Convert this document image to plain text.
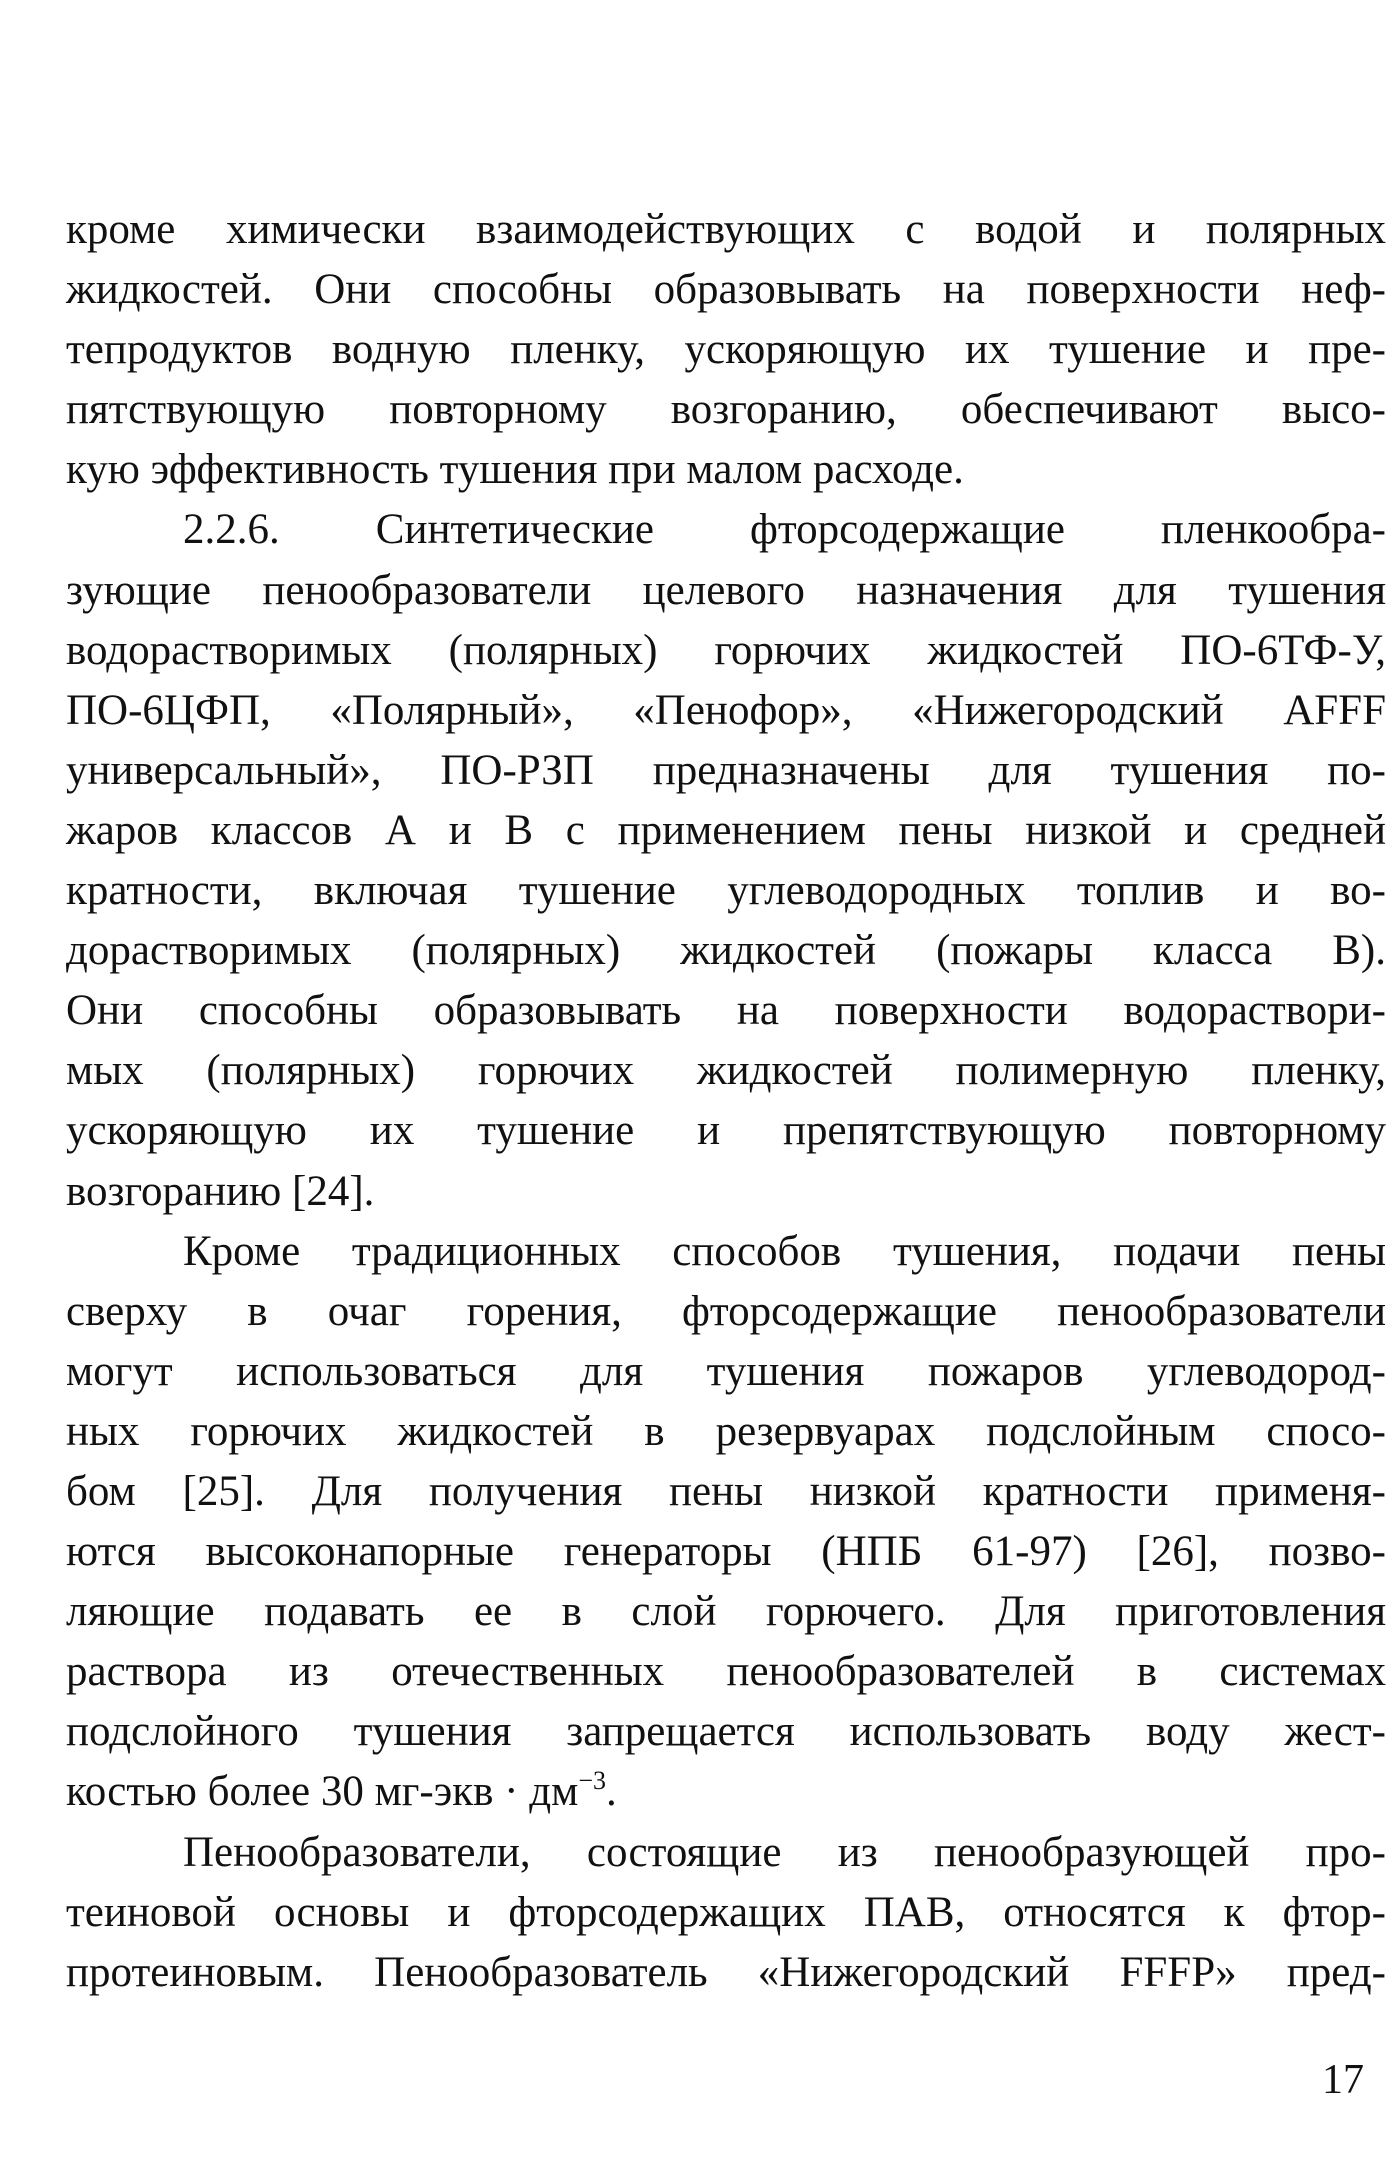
кроме химически взаимодействующих с водой и полярных
жидкостей. Они способны образовывать на поверхности неф-
тепродуктов водную пленку, ускоряющую их тушение и пре-
пятствующую повторному возгоранию, обеспечивают высо-
кую эффективность тушения при малом расходе.
2.2.6. Синтетические фторсодержащие пленкообра-
зующие пенообразователи целевого назначения для тушения
водорастворимых (полярных) горючих жидкостей ПО-6ТФ-У,
ПО-6ЦФП, «Полярный», «Пенофор», «Нижегородский AFFF
универсальный», ПО-РЗП предназначены для тушения по-
жаров классов А и В с применением пены низкой и средней
кратности, включая тушение углеводородных топлив и во-
дорастворимых (полярных) жидкостей (пожары класса В).
Они способны образовывать на поверхности водораствори-
мых (полярных) горючих жидкостей полимерную пленку,
ускоряющую их тушение и препятствующую повторному
возгоранию [24].
Кроме традиционных способов тушения, подачи пены
сверху в очаг горения, фторсодержащие пенообразователи
могут использоваться для тушения пожаров углеводород-
ных горючих жидкостей в резервуарах подслойным спосо-
бом [25]. Для получения пены низкой кратности применя-
ются высоконапорные генераторы (НПБ 61-97) [26], позво-
ляющие подавать ее в слой горючего. Для приготовления
раствора из отечественных пенообразователей в системах
подслойного тушения запрещается использовать воду жест-
костью более 30 $мг-экв \cdot дм^{-3}$.
Пенообразователи, состоящие из пенообразующей про-
теиновой основы и фторсодержащих ПАВ, относятся к фтор-
протеиновым. Пенообразователь «Нижегородский FFFP» пред-
17
